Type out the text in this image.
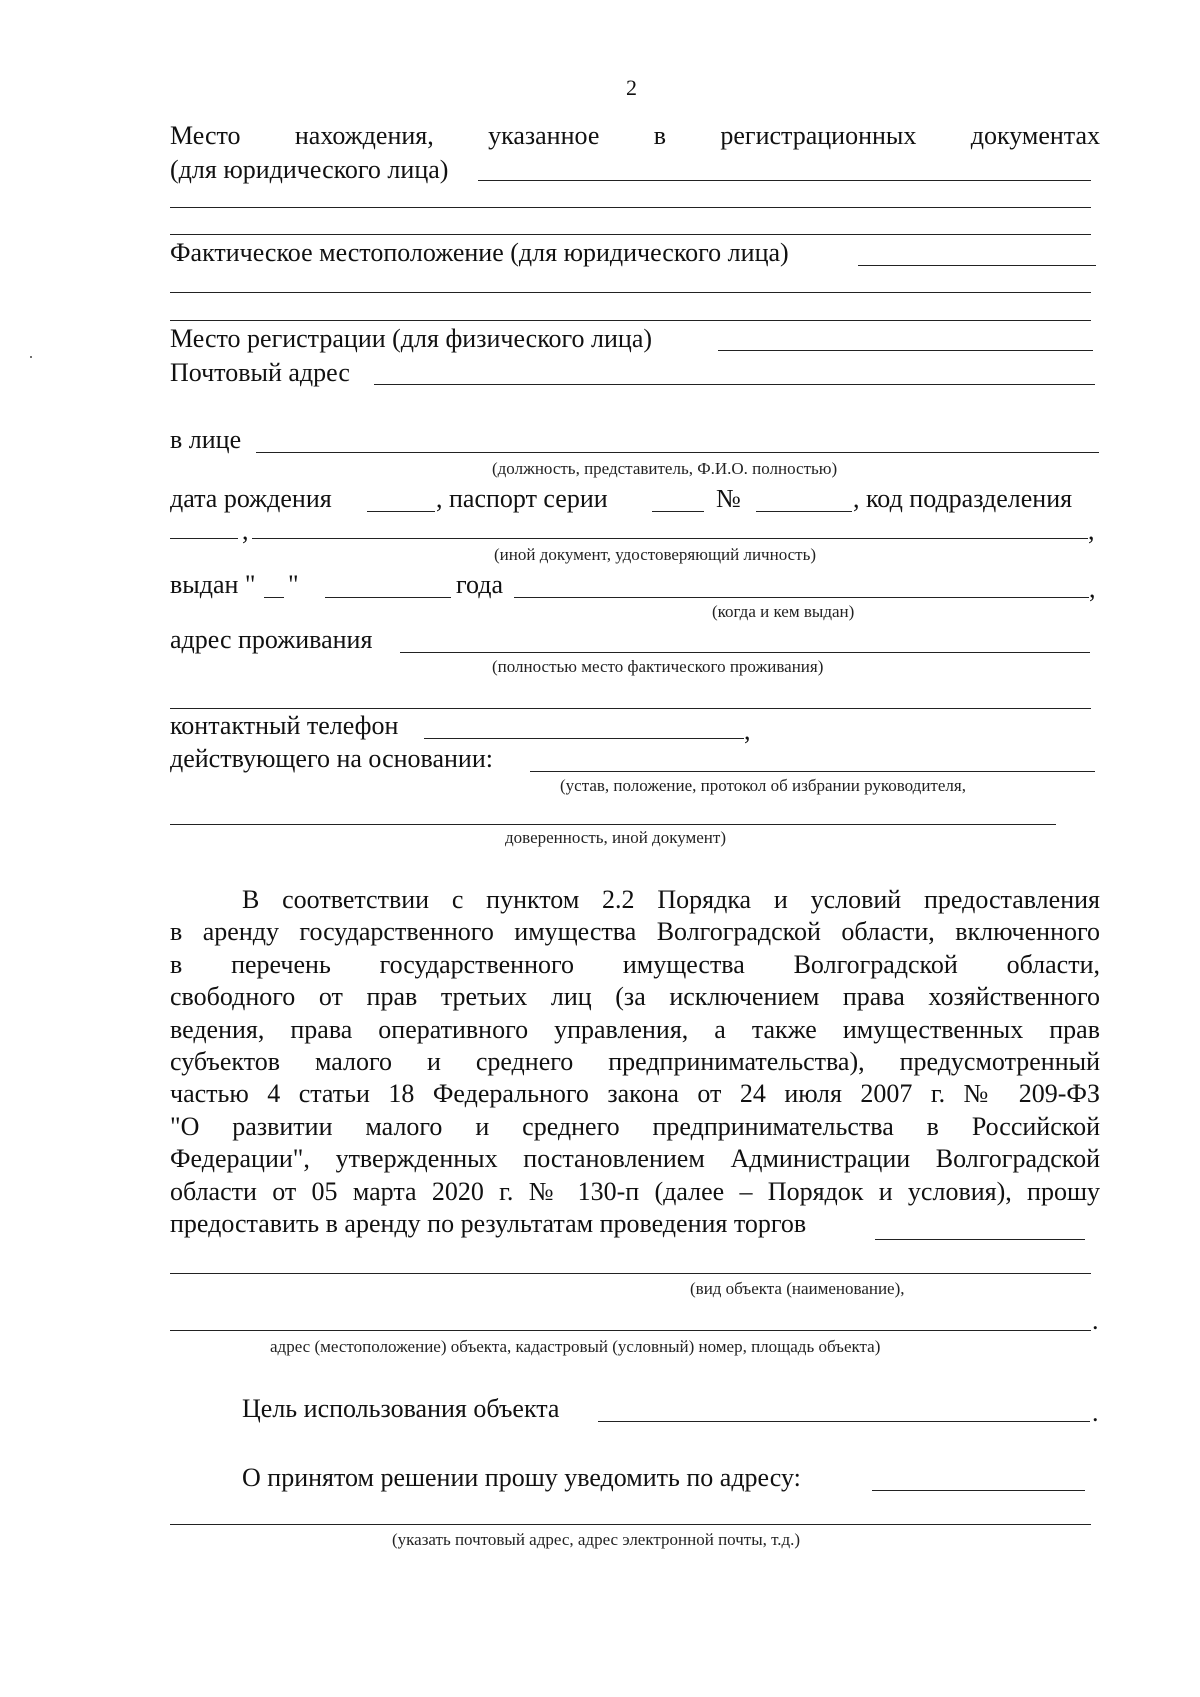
2
Место нахождения, указанное в регистрационных документах
(для юридического лица)
Фактическое местоположение (для юридического лица)
Место регистрации (для физического лица)
Почтовый адрес
в лице
(должность, представитель, Ф.И.О. полностью)
дата рождения	, паспорт серии	№	, код подразделения
,	,
(иной документ, удостоверяющий личность)
выдан " "	года	,
(когда и кем выдан)
адрес проживания
(полностью место фактического проживания)
контактный телефон	,
действующего на основании:
(устав, положение, протокол об избрании руководителя,
доверенность, иной документ)
В соответствии с пунктом 2.2 Порядка и условий предоставления
в аренду государственного имущества Волгоградской области, включенного
в перечень государственного имущества Волгоградской области,
свободного от прав третьих лиц (за исключением права хозяйственного
ведения, права оперативного управления, а также имущественных прав
субъектов малого и среднего предпринимательства), предусмотренный
частью 4 статьи 18 Федерального закона от 24 июля 2007 г. № 209-ФЗ
"О развитии малого и среднего предпринимательства в Российской
Федерации", утвержденных постановлением Администрации Волгоградской
области от 05 марта 2020 г. № 130-п (далее – Порядок и условия), прошу
предоставить в аренду по результатам проведения торгов
(вид объекта (наименование),
.
адрес (местоположение) объекта, кадастровый (условный) номер, площадь объекта)
Цель использования объекта	.
О принятом решении прошу уведомить по адресу:
(указать почтовый адрес, адрес электронной почты, т.д.)
